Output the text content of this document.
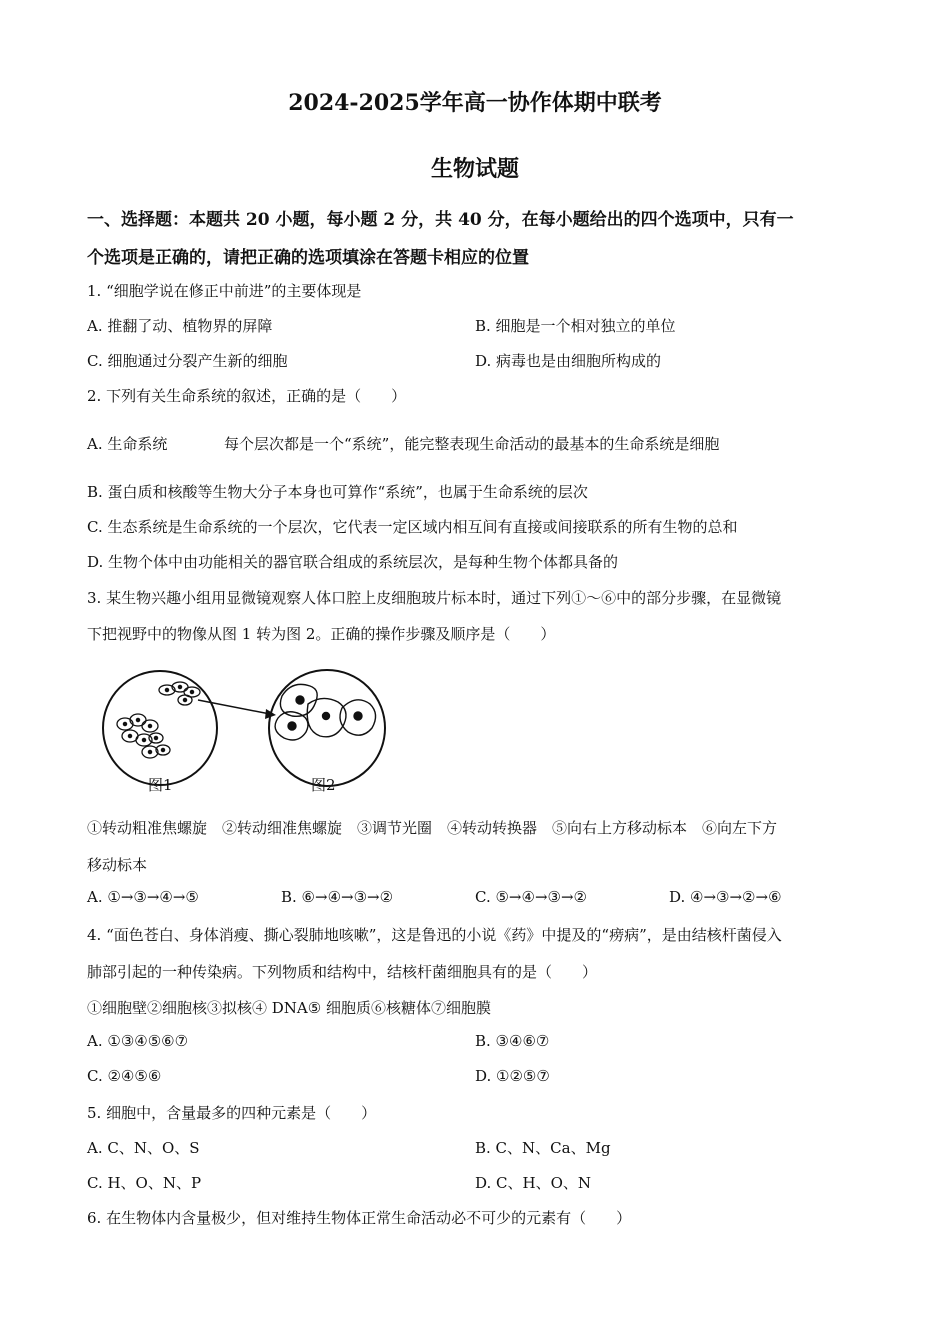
2024-2025学年高一协作体期中联考
生物试题
一、选择题：本题共 20 小题，每小题 2 分，共 40 分，在每小题给出的四个选项中，只有一
个选项是正确的，请把正确的选项填涂在答题卡相应的位置
1. “细胞学说在修正中前进”的主要体现是
A. 推翻了动、植物界的屏障	B. 细胞是一个相对独立的单位
C. 细胞通过分裂产生新的细胞	D. 病毒也是由细胞所构成的
2. 下列有关生命系统的叙述，正确的是（　　）
A. 生命系统	每个层次都是一个“系统”，能完整表现生命活动的最基本的生命系统是细胞
B. 蛋白质和核酸等生物大分子本身也可算作“系统”，也属于生命系统的层次
C. 生态系统是生命系统的一个层次，它代表一定区域内相互间有直接或间接联系的所有生物的总和
D. 生物个体中由功能相关的器官联合组成的系统层次，是每种生物个体都具备的
3. 某生物兴趣小组用显微镜观察人体口腔上皮细胞玻片标本时，通过下列①～⑥中的部分步骤，在显微镜
下把视野中的物像从图 1 转为图 2。正确的操作步骤及顺序是（　　）
图1	图2
①转动粗准焦螺旋　②转动细准焦螺旋　③调节光圈　④转动转换器　⑤向右上方移动标本　⑥向左下方
移动标本
A. ①→③→④→⑤	B. ⑥→④→③→②	C. ⑤→④→③→②	D. ④→③→②→⑥
4. “面色苍白、身体消瘦、撕心裂肺地咳嗽”，这是鲁迅的小说《药》中提及的“痨病”，是由结核杆菌侵入
肺部引起的一种传染病。下列物质和结构中，结核杆菌细胞具有的是（　　）
①细胞壁②细胞核③拟核④ DNA⑤ 细胞质⑥核糖体⑦细胞膜
A. ①③④⑤⑥⑦	B. ③④⑥⑦
C. ②④⑤⑥	D. ①②⑤⑦
5. 细胞中，含量最多的四种元素是（　　）
A. C、N、O、S	B. C、N、Ca、Mg
C. H、O、N、P	D. C、H、O、N
6. 在生物体内含量极少，但对维持生物体正常生命活动必不可少的元素有（　　）
